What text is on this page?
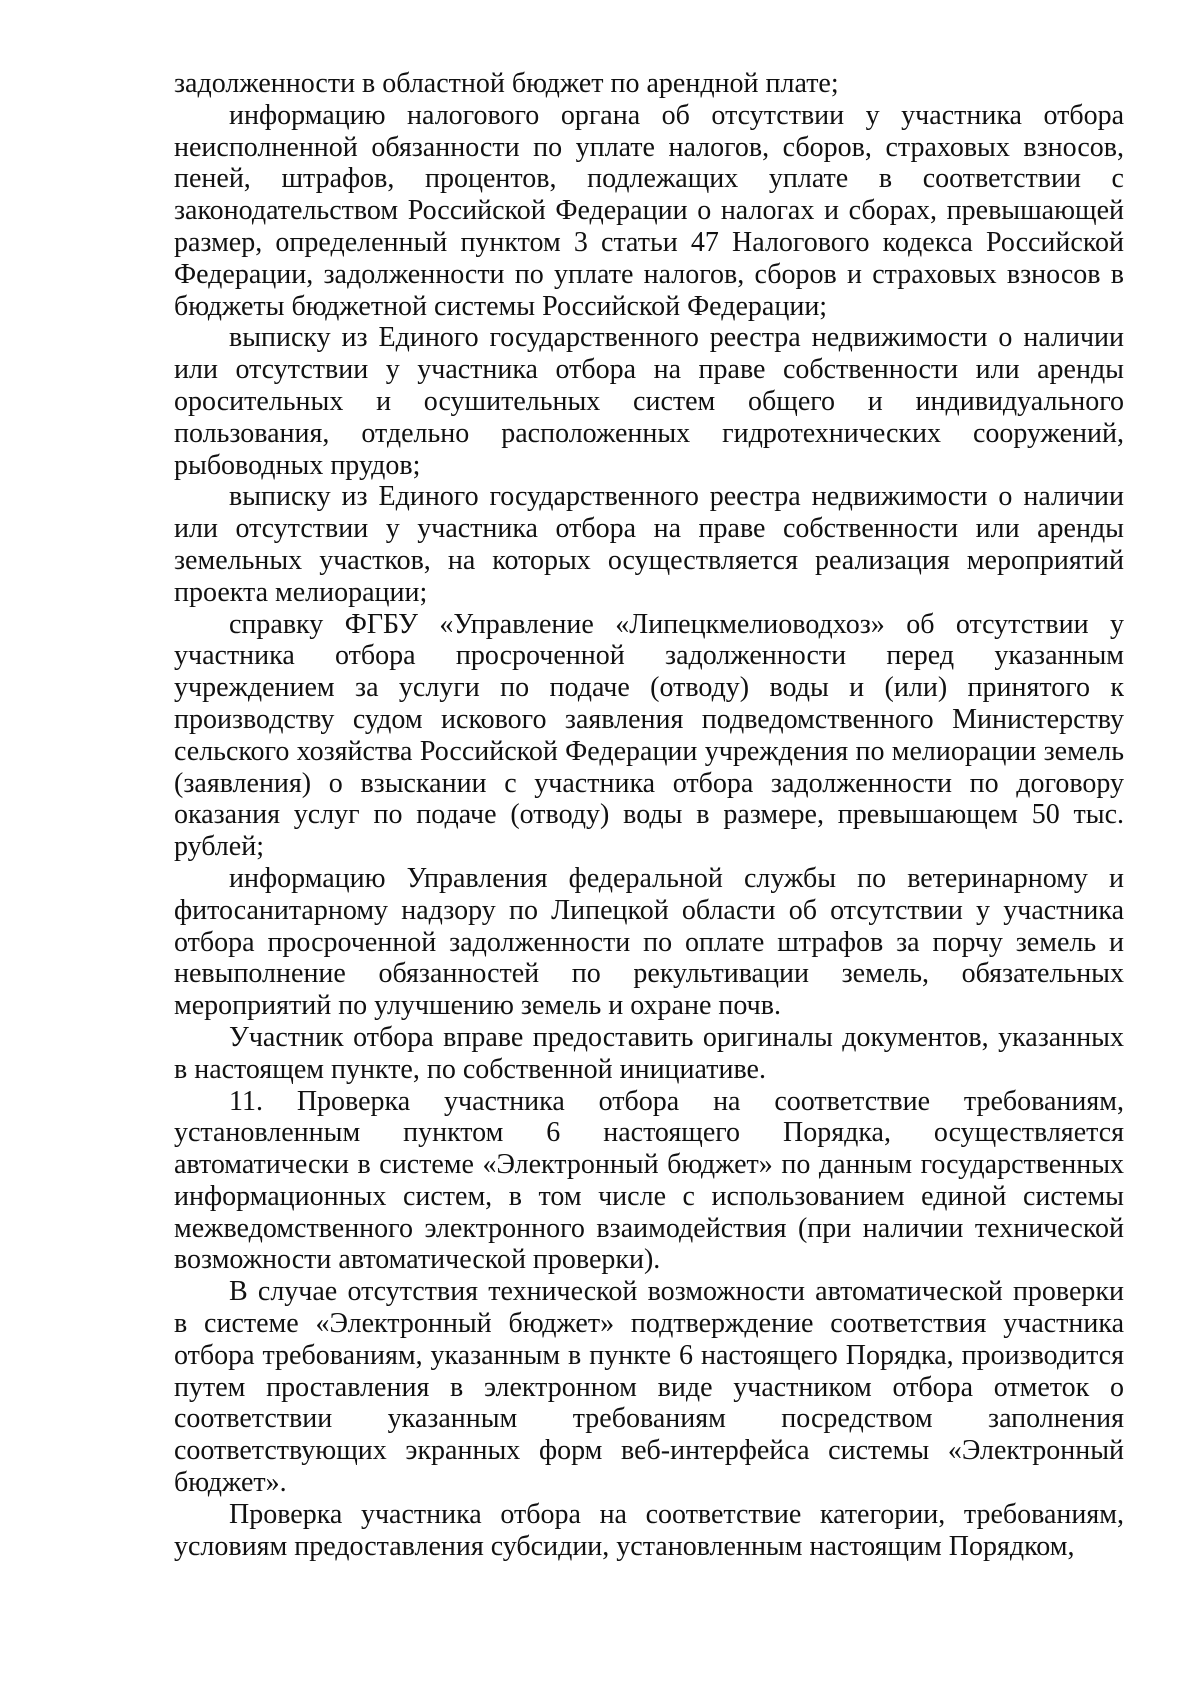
задолженности в областной бюджет по арендной плате;

информацию налогового органа об отсутствии у участника отбора неисполненной обязанности по уплате налогов, сборов, страховых взносов, пеней, штрафов, процентов, подлежащих уплате в соответствии с законодательством Российской Федерации о налогах и сборах, превышающей размер, определенный пунктом 3 статьи 47 Налогового кодекса Российской Федерации, задолженности по уплате налогов, сборов и страховых взносов в бюджеты бюджетной системы Российской Федерации;

выписку из Единого государственного реестра недвижимости о наличии или отсутствии у участника отбора на праве собственности или аренды оросительных и осушительных систем общего и индивидуального пользования, отдельно расположенных гидротехнических сооружений, рыбоводных прудов;

выписку из Единого государственного реестра недвижимости о наличии или отсутствии у участника отбора на праве собственности или аренды земельных участков, на которых осуществляется реализация мероприятий проекта мелиорации;

справку ФГБУ «Управление «Липецкмелиоводхоз» об отсутствии у участника отбора просроченной задолженности перед указанным учреждением за услуги по подаче (отводу) воды и (или) принятого к производству судом искового заявления подведомственного Министерству сельского хозяйства Российской Федерации учреждения по мелиорации земель (заявления) о взыскании с участника отбора задолженности по договору оказания услуг по подаче (отводу) воды в размере, превышающем 50 тыс. рублей;

информацию Управления федеральной службы по ветеринарному и фитосанитарному надзору по Липецкой области об отсутствии у участника отбора просроченной задолженности по оплате штрафов за порчу земель и невыполнение обязанностей по рекультивации земель, обязательных мероприятий по улучшению земель и охране почв.

Участник отбора вправе предоставить оригиналы документов, указанных в настоящем пункте, по собственной инициативе.

11. Проверка участника отбора на соответствие требованиям, установленным пунктом 6 настоящего Порядка, осуществляется автоматически в системе «Электронный бюджет» по данным государственных информационных систем, в том числе с использованием единой системы межведомственного электронного взаимодействия (при наличии технической возможности автоматической проверки).

В случае отсутствия технической возможности автоматической проверки в системе «Электронный бюджет» подтверждение соответствия участника отбора требованиям, указанным в пункте 6 настоящего Порядка, производится путем проставления в электронном виде участником отбора отметок о соответствии указанным требованиям посредством заполнения соответствующих экранных форм веб-интерфейса системы «Электронный бюджет».

Проверка участника отбора на соответствие категории, требованиям, условиям предоставления субсидии, установленным настоящим Порядком,
